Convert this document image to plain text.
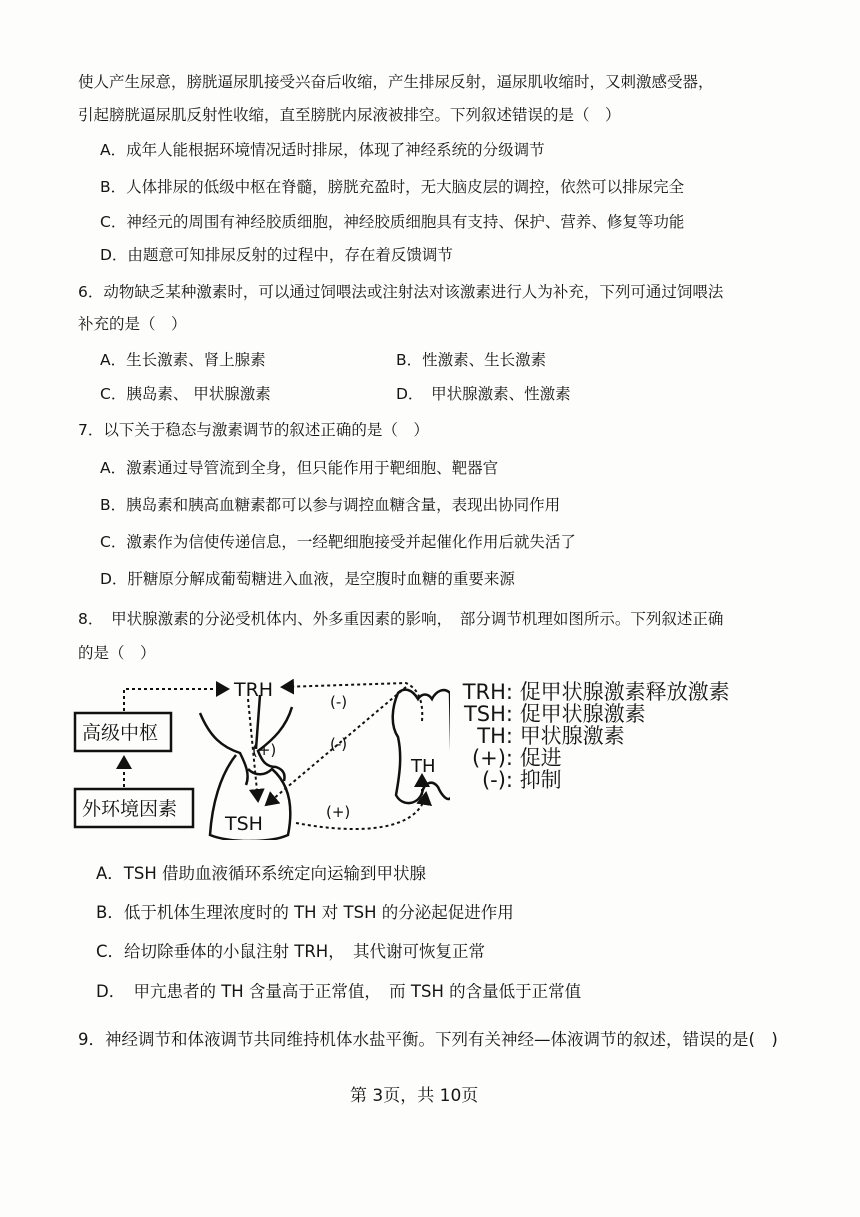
使人产生尿意，膀胱逼尿肌接受兴奋后收缩，产生排尿反射，逼尿肌收缩时，又刺激感受器，
引起膀胱逼尿肌反射性收缩，直至膀胱内尿液被排空。下列叙述错误的是（　）
A．成年人能根据环境情况适时排尿，体现了神经系统的分级调节
B．人体排尿的低级中枢在脊髓，膀胱充盈时，无大脑皮层的调控，依然可以排尿完全
C．神经元的周围有神经胶质细胞，神经胶质细胞具有支持、保护、营养、修复等功能
D．由题意可知排尿反射的过程中，存在着反馈调节
6．动物缺乏某种激素时，可以通过饲喂法或注射法对该激素进行人为补充，下列可通过饲喂法
补充的是（　）
A．生长激素、肾上腺素	B．性激素、生长激素
C．胰岛素、 甲状腺激素	D．　甲状腺激素、性激素
7．以下关于稳态与激素调节的叙述正确的是（　）
A．激素通过导管流到全身，但只能作用于靶细胞、靶器官
B．胰岛素和胰高血糖素都可以参与调控血糖含量，表现出协同作用
C．激素作为信使传递信息，一经靶细胞接受并起催化作用后就失活了
D．肝糖原分解成葡萄糖进入血液，是空腹时血糖的重要来源
8．　甲状腺激素的分泌受机体内、外多重因素的影响，　部分调节机理如图所示。下列叙述正确
的是（　）
TRH
TSH
TH
高级中枢
外环境因素
(+)
(-)
(-)
(+)
TRH: 促甲状腺激素释放激素
TSH: 促甲状腺激素
TH: 甲状腺激素
(+): 促进
(-): 抑制
A．TSH 借助血液循环系统定向运输到甲状腺
B．低于机体生理浓度时的 TH 对 TSH 的分泌起促进作用
C．给切除垂体的小鼠注射 TRH，　其代谢可恢复正常
D．　甲亢患者的 TH 含量高于正常值，　而 TSH 的含量低于正常值
9．神经调节和体液调节共同维持机体水盐平衡。下列有关神经—体液调节的叙述，错误的是(　)
第 3页，共 10页
